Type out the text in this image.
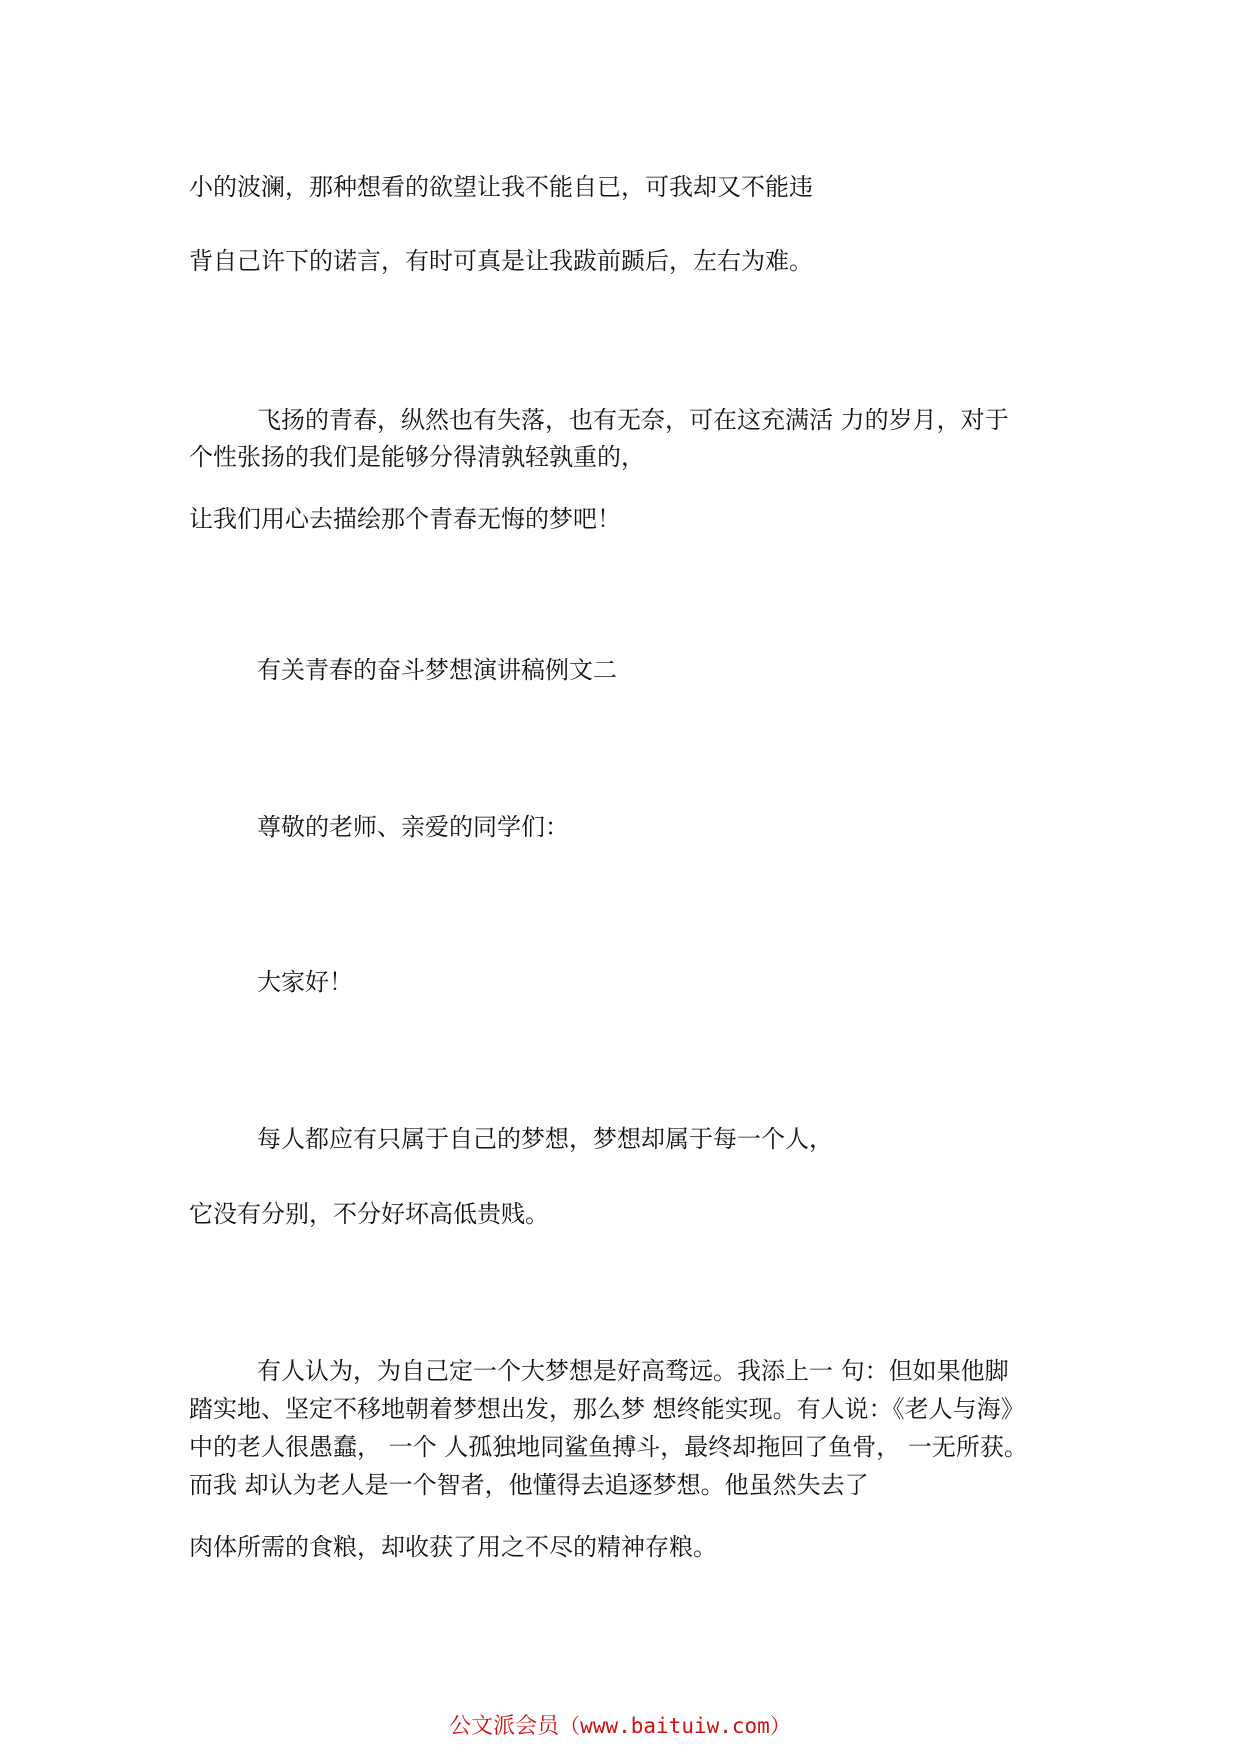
小的波澜，那种想看的欲望让我不能自已，可我却又不能违
背自己许下的诺言，有时可真是让我跋前踬后，左右为难。
飞扬的青春，纵然也有失落，也有无奈，可在这充满活 力的岁月，对于
个性张扬的我们是能够分得清孰轻孰重的，
让我们用心去描绘那个青春无悔的梦吧！
有关青春的奋斗梦想演讲稿例文二
尊敬的老师、亲爱的同学们：
大家好！
每人都应有只属于自己的梦想，梦想却属于每一个人，
它没有分别，不分好坏高低贵贱。
有人认为，为自己定一个大梦想是好高骛远。我添上一 句：但如果他脚
踏实地、坚定不移地朝着梦想出发，那么梦 想终能实现。有人说：《老人与海》
中的老人很愚蠢， 一个 人孤独地同鲨鱼搏斗，最终却拖回了鱼骨， 一无所获。
而我 却认为老人是一个智者，他懂得去追逐梦想。他虽然失去了
肉体所需的食粮，却收获了用之不尽的精神存粮。
公文派会员（www.baituiw.com）
